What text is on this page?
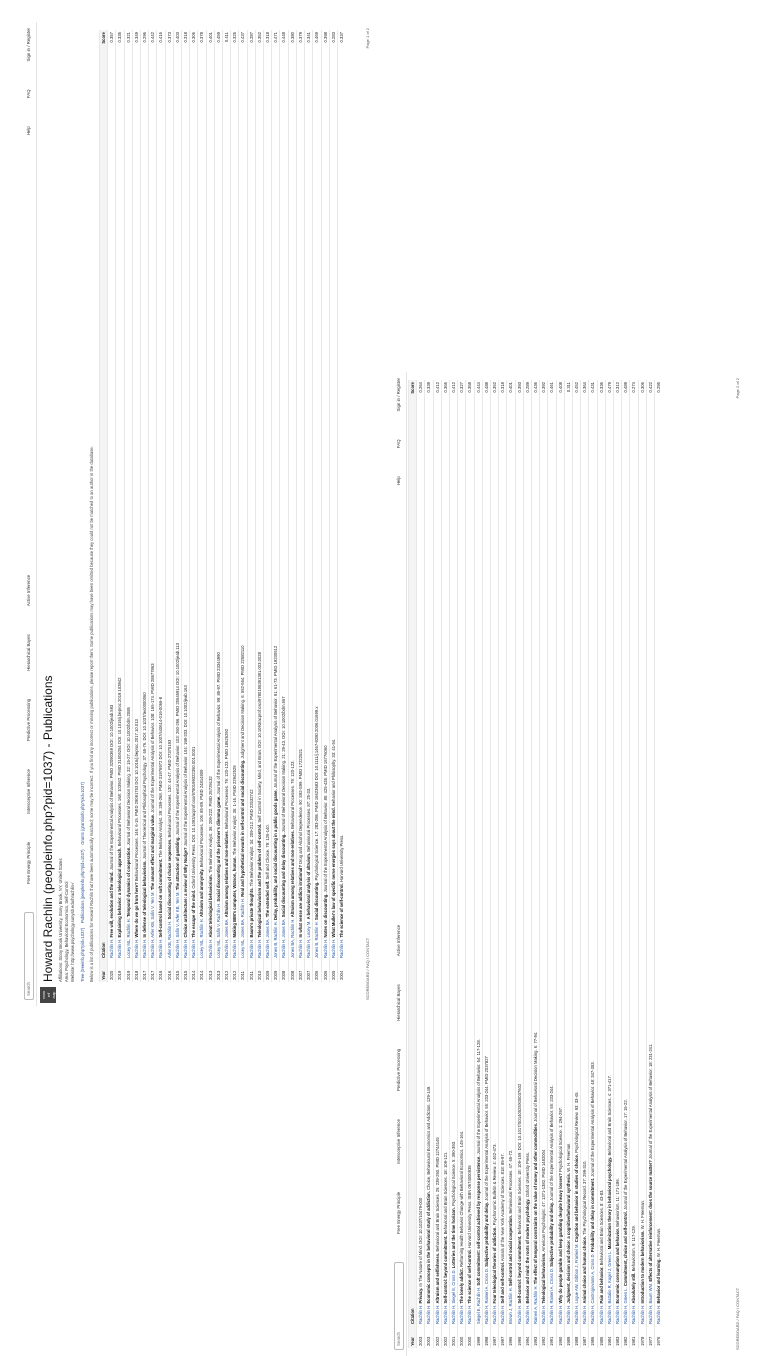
Search
Free Energy Principle
Interoceptive Inference
Predictive Processing
Hierarchical Bayes
Active Inference
Help
FAQ
Sign in / Register
cross
ref
map
Howard Rachlin (peopleinfo.php?pid=1037) - Publications Affiliations: Stony Brook University, Stony Brook, NY, United States Area: Psychology, Behavioral Economics, Self-Control Website: http://www.psychology.sunysb.edu/hrachlin-/ Tree (treeinfo.php?pid=1037)    Publications (peopleinfo.php?pid=1037)    Grants (grantsinfo.php?pid=1037) Below is a list of publications for Howard Rachlin that have been automatically matched; some may be incorrect. If you find any incorrect or missing publications, please report them. Some publications may have been omitted because they could not be matched to an author in the database. Year	Citation	Score
2020	Rachlin H. Free will, evolution and the mind. Journal of the Experimental Analysis of Behavior. PMID 32090369 DOI: 10.1002/jeab.593	0.357
2019	Rachlin H. Explaining behavior: a teleological approach. Behavioural Processes. 168: 103942. PMID 31505254 DOI: 10.1016/j.beproc.2019.103942	0.335
2019	Locey ML, Rachlin H. Temporal dynamics of cooperation. Journal of Behavioral Decision Making. 32: 15-27. DOI: 10.1002/bdm.2085	0.321
2018	Rachlin H. Where do we go from here? Behavioural Processes. 146: 6-15. PMID 29091753 DOI: 10.1016/j.beproc.2017.10.013	0.349
2017	Rachlin H. In defense of teleological behaviorism. Journal of Theoretical and Philosophical Psychology. 37: 65-76. DOI: 10.1037/teo0000060	0.296
2017	Rachlin H, Arfer KB, Safin V, Yen M. The amount effect and marginal value. Journal of the Experimental Analysis of Behavior. 108: 165-174. PMID 28677863	0.442
2016	Rachlin H. Self-control based on soft commitment. The Behavior Analyst. 39: 259-268. PMID 31976972 DOI: 10.1007/s40614-016-0066-8	0.416
2016	Arfer KB, Rachlin H. Social discounting of choice sequences. Behavioural Processes. 130: 44-47. PMID 27375193	0.373
2015	Rachlin H, Safin V, Arfer KB, Yen M. The attraction of gambling. Journal of the Experimental Analysis of Behavior. 103: 260-266. PMID 25545914 DOI: 10.1002/jeab.113	0.403
2015	Rachlin H. Choice architecture: a review of Why Nudge? Journal of the Experimental Analysis of Behavior. 104: 198-203. DOI: 10.1002/jeab.163	0.318
2014	Rachlin H. The escape of the mind. Oxford University Press. DOI: 10.1093/acprof:oso/9780199322350.001.0001	0.306
2014	Locey ML, Rachlin H. Altruism and anonymity. Behavioural Processes. 106: 85-89. PMID 24814909	0.378
2013	Rachlin H. About teleological behaviorism. The Behavior Analyst. 36: 209-222. PMID 25729132	0.401
2013	Locey ML, Safin V, Rachlin H. Social discounting and the prisoner's dilemma game. Journal of the Experimental Analysis of Behavior. 99: 85-97. PMID 23344990	0.459
2012	Rachlin H, Jones BA. Altruism among relatives and non-relatives. Behavioural Processes. 79: 120-123. PMID 18625292	0.411
2012	Rachlin H. Making IBM's computer, Watson, human. The Behavior Analyst. 35: 1-16. PMID 22942529	0.325
2011	Locey ML, Jones BA, Rachlin H. Real and hypothetical rewards in self-control and social discounting. Judgment and Decision Making. 6: 552-564. PMID 22582110	0.437
2011	Rachlin H. Baum's private thoughts. The Behavior Analyst. 34: 209-212. PMID 22532742	0.287
2010	Rachlin H. Teleological behaviorism and the problem of self-control. Self Control in Society, Mind, and Brain. DOI: 10.1093/acprof:oso/9780195391381.003.0028	0.352
2009	Rachlin H, Jones BA. The extended self. Self and Choice. 79: 126-140.	0.318
2009	Jones B, Rachlin H. Delay, probability, and social discounting in a public goods game. Journal of the Experimental Analysis of Behavior. 91: 61-73. PMID 19230512	0.471
2008	Rachlin H, Jones BA. Social discounting and delay discounting. Journal of Behavioral Decision Making. 21: 29-43. DOI: 10.1002/bdm.567	0.448
2008	Jones BA, Rachlin H. Altruism among relatives and non-relatives. Behavioural Processes. 79: 120-123.	0.380
2007	Rachlin H. In what sense are addicts irrational? Drug and Alcohol Dependence. 90: S92-S99. PMID 17222521	0.379
2007	Rachlin H, Locey M. A behavioral analysis of altruism. Behavioural Processes. 87: 25-33.	0.341
2006	Jones B, Rachlin H. Social discounting. Psychological Science. 17: 283-286. PMID 16623683 DOI: 10.1111/j.1467-9280.2006.01699.x	0.469
2006	Rachlin H. Notes on discounting. Journal of the Experimental Analysis of Behavior. 85: 425-435. PMID 16776060	0.398
2005	Rachlin H. What Muller's law of specific nerve energies says about the mind. Behavior and Philosophy. 33: 41-54.	0.283
2004	Rachlin H. The science of self-control. Harvard University Press.	0.337
SCOREBOARD / FAQ / CONTACT
Page 1 of 2
Search
Free Energy Principle
Interoceptive Inference
Predictive Processing
Hierarchical Bayes
Active Inference
Help
FAQ
Sign in / Register
Year	Citation	Score
2003	Rachlin H. Privacy. In The Nature of Mind. DOI: 10.1037/10479-000	0.264
2003	Rachlin H. Economic concepts in the behavioral study of addiction. Choice, Behavioural Economics and Addiction. 129-149.	0.339
2002	Rachlin H. Altruism and selfishness. Behavioral and Brain Sciences. 25: 239-250. PMID 12744145	0.412
2002	Rachlin H. Self-control: beyond commitment. Behavioral and Brain Sciences. 18: 109-121.	0.366
2001	Rachlin H, Siegel E, Cross D. Lotteries and the time horizon. Psychological Science. 5: 390-393.	0.412
2000	Rachlin H. The lonely addict. Reframing Health Behavior Change with Behavioral Economics. 145-164.	0.327
2000	Rachlin H. The science of self-control. Harvard University Press. ISBN 0674000935	0.358
1999	Siegel E, Rachlin H. Soft commitment: self-control achieved by response persistence. Journal of the Experimental Analysis of Behavior. 64: 117-128.	0.444
1998	Rachlin H, Raineri A, Cross D. Subjective probability and delay. Journal of the Experimental Analysis of Behavior. 55: 233-244. PMID 2037827	0.488
1997	Rachlin H. Four teleological theories of addiction. Psychonomic Bulletin & Review. 4: 462-473.	0.352
1997	Rachlin H. Self and self-control. Annals of the New York Academy of Sciences. 818: 85-97.	0.318
1996	Brown J, Rachlin H. Self-control and social cooperation. Behavioural Processes. 47: 65-72.	0.401
1995	Rachlin H. Self-control: beyond commitment. Behavioral and Brain Sciences. 18: 109-159. DOI: 10.1017/S0140525X00037602	0.393
1994	Rachlin H. Behavior and mind: the roots of modern psychology. Oxford University Press.	0.289
1993	Raineri A, Rachlin H. The effect of temporal constraints on the value of money and other commodities. Journal of Behavioral Decision Making. 6: 77-94.	0.436
1992	Rachlin H. Teleological behaviorism. American Psychologist. 47: 1371-1382. PMID 1482004	0.392
1991	Rachlin H, Raineri A, Cross D. Subjective probability and delay. Journal of the Experimental Analysis of Behavior. 55: 233-244.	0.461
1990	Rachlin H. Why do people gamble and keep gambling despite heavy losses? Psychological Science. 1: 294-297.	0.408
1989	Rachlin H. Judgment, decision and choice: a cognitive/behavioral synthesis. W. H. Freeman.	0.311
1988	Rachlin H, Logue AW, Gibbon J, Frankel M. Cognition and behavior in studies of choice. Psychological Review. 93: 33-45.	0.452
1987	Rachlin H. Animal choice and human choice. The Psychological Record. 37: 299-310.	0.364
1986	Rachlin H, Castrogiovanni A, Cross D. Probability and delay in commitment. Journal of the Experimental Analysis of Behavior. 48: 347-353.	0.431
1985	Rachlin H. Pain and behavior. Behavioral and Brain Sciences. 8: 43-83.	0.336
1984	Rachlin H, Battalio R, Kagel J, Green L. Maximization theory in behavioral psychology. Behavioral and Brain Sciences. 4: 371-417.	0.479
1983	Rachlin H. Economic consumption and behavior. Behaviorism. 11: 171-186.	0.312
1982	Rachlin H, Green L. Commitment, choice and self-control. Journal of the Experimental Analysis of Behavior. 17: 15-22.	0.489
1981	Rachlin H. Absolutely still. Behaviorism. 9: 117-129.	0.274
1978	Rachlin H. Introduction to modern behaviorism. W. H. Freeman.	0.306
1977	Rachlin H, Baum WM. Effects of alternative reinforcement: does the source matter? Journal of the Experimental Analysis of Behavior. 18: 231-241.	0.422
1976	Rachlin H. Behavior and learning. W. H. Freeman.	0.295
SCOREBOARD / FAQ / CONTACT
Page 2 of 2
